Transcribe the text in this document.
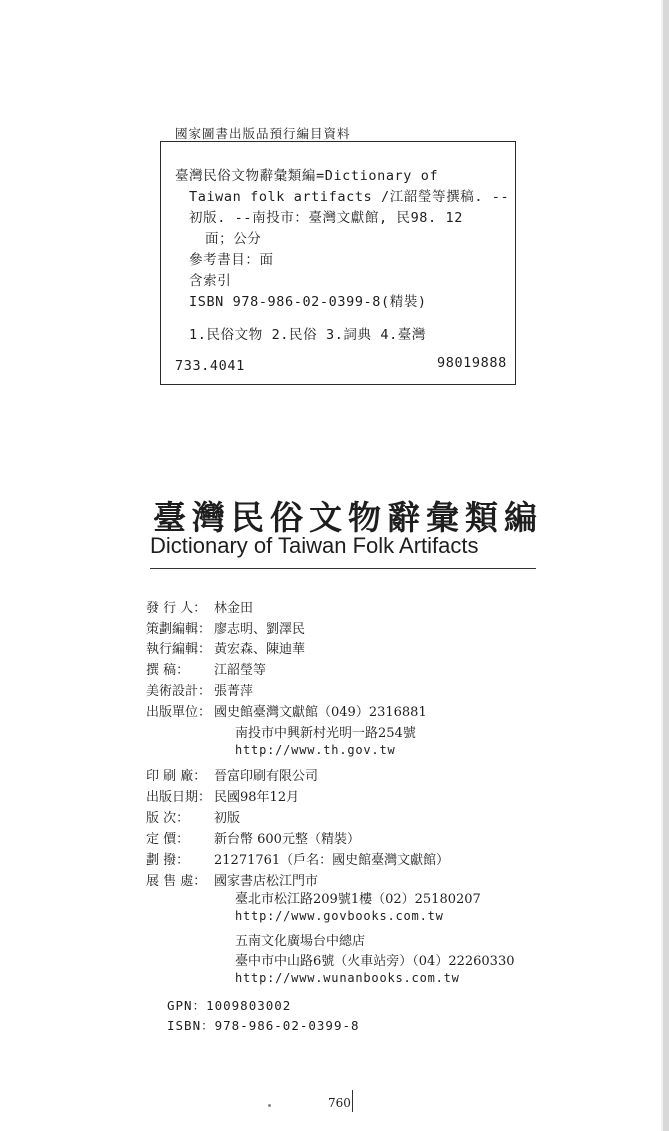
國家圖書出版品預行編目資料
臺灣民俗文物辭彙類編=Dictionary of
Taiwan folk artifacts /江韶瑩等撰稿. --
初版. --南投市：臺灣文獻館, 民98. 12
面；公分
參考書目：面
含索引
ISBN 978-986-02-0399-8(精裝)
1.民俗文物 2.民俗 3.詞典 4.臺灣
733.4041	98019888
臺灣民俗文物辭彙類編
Dictionary of Taiwan Folk Artifacts
發 行 人： 林金田
策劃編輯： 廖志明、劉澤民
執行編輯： 黃宏森、陳迪華
撰 稿： 江韶瑩等
美術設計： 張菁萍
出版單位： 國史館臺灣文獻館（049）2316881
南投市中興新村光明一路254號
http://www.th.gov.tw
印 刷 廠： 晉富印刷有限公司
出版日期： 民國98年12月
版 次： 初版
定 價： 新台幣 600元整（精裝）
劃 撥： 21271761（戶名：國史館臺灣文獻館）
展 售 處： 國家書店松江門市
臺北市松江路209號1樓（02）25180207
http://www.govbooks.com.tw
五南文化廣場台中總店
臺中市中山路6號（火車站旁）（04）22260330
http://www.wunanbooks.com.tw
GPN：1009803002
ISBN：978-986-02-0399-8
760
